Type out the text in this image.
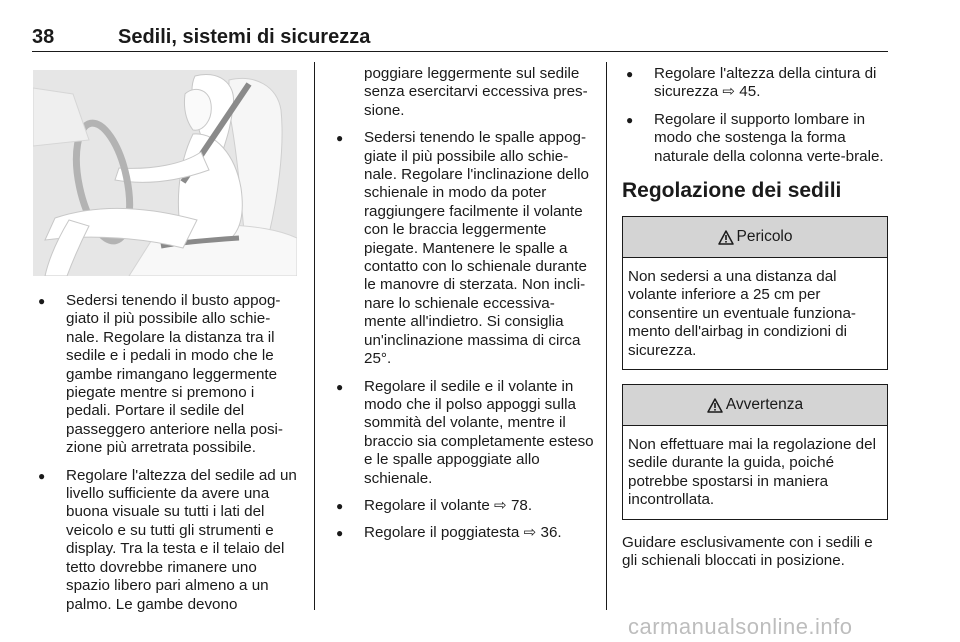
38	Sedili, sistemi di sicurezza
● Sedersi tenendo il busto appog-giato il più possibile allo schie-nale. Regolare la distanza tra il sedile e i pedali in modo che le gambe rimangano leggermente piegate mentre si premono i pedali. Portare il sedile del passeggero anteriore nella posi-zione più arretrata possibile.
● Regolare l'altezza del sedile ad un livello sufficiente da avere una buona visuale su tutti i lati del veicolo e su tutti gli strumenti e display. Tra la testa e il telaio del tetto dovrebbe rimanere uno spazio libero pari almeno a un palmo. Le gambe devono

poggiare leggermente sul sedile senza esercitarvi eccessiva pres-sione.

● Sedersi tenendo le spalle appog-giate il più possibile allo schie-nale. Regolare l'inclinazione dello schienale in modo da poter raggiungere facilmente il volante con le braccia leggermente piegate. Mantenere le spalle a contatto con lo schienale durante le manovre di sterzata. Non incli-nare lo schienale eccessiva-mente all'indietro. Si consiglia un'inclinazione massima di circa 25°.
● Regolare il sedile e il volante in modo che il polso appoggi sulla sommità del volante, mentre il braccio sia completamente esteso e le spalle appoggiate allo schienale.
● Regolare il volante ⇨ 78.
● Regolare il poggiatesta ⇨ 36.
● Regolare l'altezza della cintura di sicurezza ⇨ 45.
● Regolare il supporto lombare in modo che sostenga la forma naturale della colonna verte-brale.
Regolazione dei sedili
Pericolo
Non sedersi a una distanza dal volante inferiore a 25 cm per consentire un eventuale funziona-mento dell'airbag in condizioni di sicurezza.
Avvertenza
Non effettuare mai la regolazione del sedile durante la guida, poiché potrebbe spostarsi in maniera incontrollata.

Guidare esclusivamente con i sedili e gli schienali bloccati in posizione.

carmanualsonline.info
